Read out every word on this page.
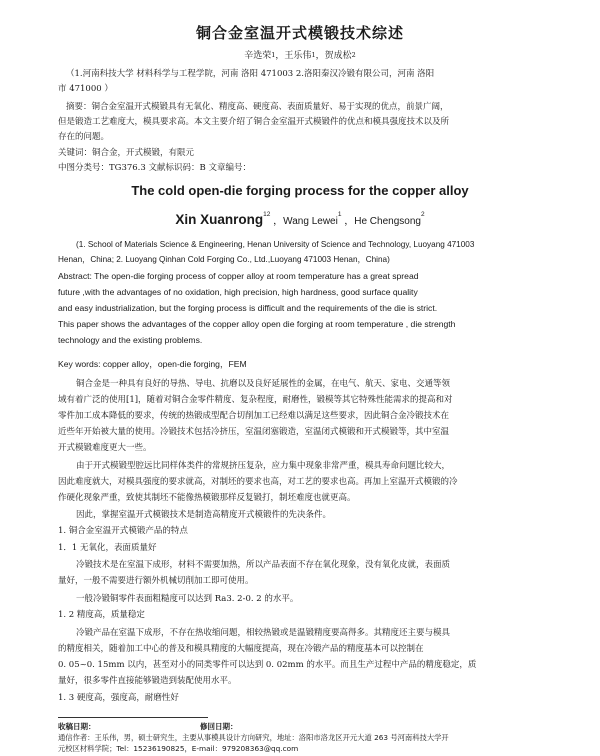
铜合金室温开式模锻技术综述
辛选荣$^1$，王乐伟$^1$，贺成松$^2$
（1.河南科技大学 材料科学与工程学院，河南 洛阳 471003 2.洛阳秦汉冷锻有限公司，河南 洛阳
市 471000 ）
摘要：铜合金室温开式模锻具有无氧化、精度高、硬度高、表面质量好、易于实现的优点，前景广阔，
但是锻造工艺难度大，模具要求高。本文主要介绍了铜合金室温开式模锻件的优点和模具强度技术以及所
存在的问题。
关键词：铜合金，开式模锻，有限元
中图分类号：TG376.3 文献标识码：B 文章编号：
The cold open-die forging process for the copper alloy
Xin Xuanrong$^{12}$ ，Wang Lewei$^1$ ，He Chengsong$^2$
(1. School of Materials Science & Engineering, Henan University of Science and Technology, Luoyang 471003
Henan，China; 2. Luoyang Qinhan Cold Forging Co., Ltd.,Luoyang 471003 Henan，China)
Abstract: The open-die forging process of copper alloy at room temperature has a great spread
future ,with the advantages of no oxidation, high precision, high hardness, good surface quality
and easy industrialization, but the forging process is difficult and the requirements of the die is strict.
This paper shows the advantages of the copper alloy open die forging at room temperature , die strength
technology and the existing problems.
Key words: copper alloy，open-die forging，FEM
铜合金是一种具有良好的导热、导电、抗磨以及良好延展性的金属，在电气、航天、家电、交通等领
域有着广泛的使用[1]，随着对铜合金零件精度、复杂程度，耐磨性，锻模等其它特殊性能需求的提高和对
零件加工成本降低的要求，传统的热锻成型配合切削加工已经难以满足这些要求，因此铜合金冷锻技术在
近些年开始被大量的使用。冷锻技术包括冷挤压，室温闭塞锻造，室温闭式模锻和开式模锻等，其中室温
开式模锻难度更大一些。
由于开式模锻型腔远比同样体类件的常规挤压复杂，应力集中现象非常严重，模具寿命问题比较大，
因此难度就大，对模具强度的要求就高，对制坯的要求也高，对工艺的要求也高。再加上室温开式模锻的冷
作硬化现象严重，致使其制坯不能像热模锻那样反复锻打，制坯难度也就更高。
因此，掌握室温开式模锻技术是制造高精度开式模锻件的先决条件。
1. 铜合金室温开式模锻产品的特点
1．1 无氧化，表面质量好
冷锻技术是在室温下成形，材料不需要加热，所以产品表面不存在氧化现象，没有氧化皮就，表面质
量好，一般不需要进行额外机械切削加工即可使用。
一般冷锻铜零件表面粗糙度可以达到 Ra3. 2-0. 2 的水平。
1. 2 精度高，质量稳定
冷锻产品在室温下成形，不存在热收缩问题，相较热锻或是温锻精度要高得多。其精度还主要与模具
的精度相关，随着加工中心的普及和模具精度的大幅度提高，现在冷锻产品的精度基本可以控制在
0. 05~0. 15mm 以内，甚至对小的同类零件可以达到 0. 02mm 的水平。而且生产过程中产品的精度稳定，质
量好，很多零件直接能够锻造到装配使用水平。
1. 3 硬度高，强度高，耐磨性好
收稿日期：	修回日期：
通信作者：王乐伟，男，硕士研究生，主要从事模具设计方向研究，地址：洛阳市洛龙区开元大道 263 号河南科技大学开
元校区材料学院；Tel：15236190825，E-mail：979208363@qq.com
